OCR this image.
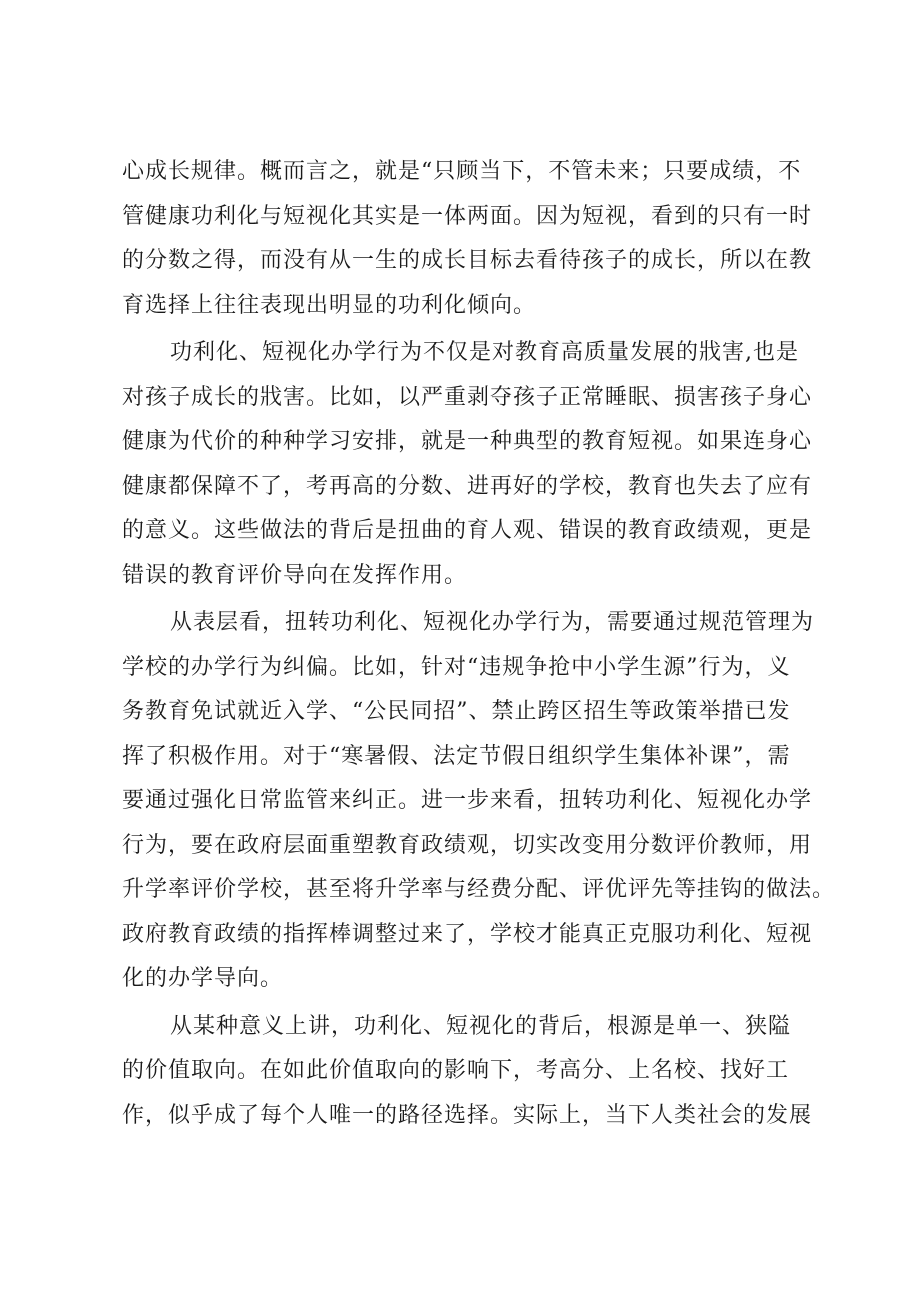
心成长规律。概而言之，就是“只顾当下，不管未来；只要成绩，不
管健康功利化与短视化其实是一体两面。因为短视，看到的只有一时
的分数之得，而没有从一生的成长目标去看待孩子的成长，所以在教
育选择上往往表现出明显的功利化倾向。
功利化、短视化办学行为不仅是对教育高质量发展的戕害,也是
对孩子成长的戕害。比如，以严重剥夺孩子正常睡眠、损害孩子身心
健康为代价的种种学习安排，就是一种典型的教育短视。如果连身心
健康都保障不了，考再高的分数、进再好的学校，教育也失去了应有
的意义。这些做法的背后是扭曲的育人观、错误的教育政绩观，更是
错误的教育评价导向在发挥作用。
从表层看，扭转功利化、短视化办学行为，需要通过规范管理为
学校的办学行为纠偏。比如，针对“违规争抢中小学生源”行为，义
务教育免试就近入学、“公民同招”、禁止跨区招生等政策举措已发
挥了积极作用。对于“寒暑假、法定节假日组织学生集体补课”，需
要通过强化日常监管来纠正。进一步来看，扭转功利化、短视化办学
行为，要在政府层面重塑教育政绩观，切实改变用分数评价教师，用
升学率评价学校，甚至将升学率与经费分配、评优评先等挂钩的做法。
政府教育政绩的指挥棒调整过来了，学校才能真正克服功利化、短视
化的办学导向。
从某种意义上讲，功利化、短视化的背后，根源是单一、狭隘
的价值取向。在如此价值取向的影响下，考高分、上名校、找好工
作，似乎成了每个人唯一的路径选择。实际上，当下人类社会的发展
